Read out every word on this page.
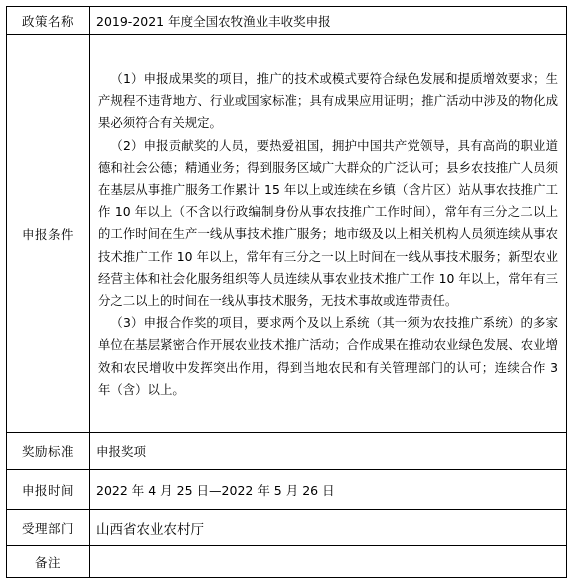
政策名称	2019-2021 年度全国农牧渔业丰收奖申报
申报条件	（1）申报成果奖的项目，推广的技术或模式要符合绿色发展和提质增效要求；生产规程不违背地方、行业或国家标准；具有成果应用证明；推广活动中涉及的物化成果必须符合有关规定。

（2）申报贡献奖的人员，要热爱祖国，拥护中国共产党领导，具有高尚的职业道德和社会公德；精通业务；得到服务区域广大群众的广泛认可；县乡农技推广人员须在基层从事推广服务工作累计 15 年以上或连续在乡镇（含片区）站从事农技推广工作 10 年以上（不含以行政编制身份从事农技推广工作时间），常年有三分之二以上的工作时间在生产一线从事技术推广服务；地市级及以上相关机构人员须连续从事农技术推广工作 10 年以上，常年有三分之一以上时间在一线从事技术服务；新型农业经营主体和社会化服务组织等人员连续从事农业技术推广工作 10 年以上，常年有三分之二以上的时间在一线从事技术服务，无技术事故或连带责任。

（3）申报合作奖的项目，要求两个及以上系统（其一须为农技推广系统）的多家单位在基层紧密合作开展农业技术推广活动；合作成果在推动农业绿色发展、农业增效和农民增收中发挥突出作用，得到当地农民和有关管理部门的认可；连续合作 3 年（含）以上。

奖励标准	申报奖项
申报时间	2022 年 4 月 25 日—2022 年 5 月 26 日
受理部门	山西省农业农村厅
备注	
